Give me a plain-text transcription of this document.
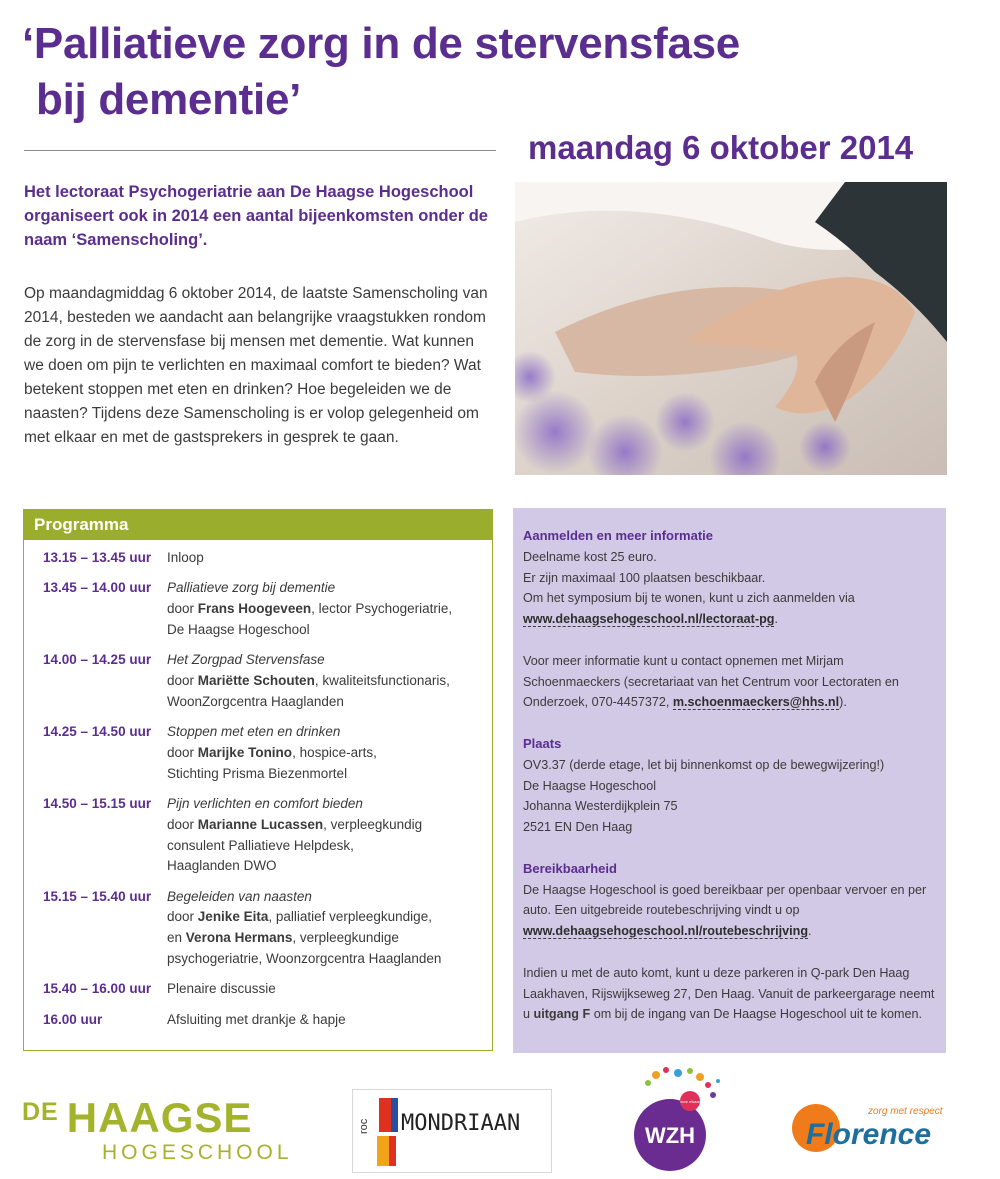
‘Palliatieve zorg in de stervensfase
bij dementie’
maandag 6 oktober 2014

Het lectoraat Psychogeriatrie aan De Haagse Hogeschool organiseert ook in 2014 een aantal bijeenkomsten onder de naam ‘Samenscholing’.

Op maandagmiddag 6 oktober 2014, de laatste Samenscholing van 2014, besteden we aandacht aan belangrijke vraagstukken rondom de zorg in de stervensfase bij mensen met dementie. Wat kunnen we doen om pijn te verlichten en maximaal comfort te bieden? Wat betekent stoppen met eten en drinken? Hoe begeleiden we de naasten? Tijdens deze Samenscholing is er volop gelegenheid om met elkaar en met de gastsprekers in gesprek te gaan.

Programma
13.15 – 13.45 uur	Inloop
13.45 – 14.00 uur	Palliatieve zorg bij dementie
door Frans Hoogeveen, lector Psychogeriatrie,
De Haagse Hogeschool
14.00 – 14.25 uur	Het Zorgpad Stervensfase
door Mariëtte Schouten, kwaliteitsfunctionaris,
WoonZorgcentra Haaglanden
14.25 – 14.50 uur	Stoppen met eten en drinken
door Marijke Tonino, hospice-arts,
Stichting Prisma Biezenmortel
14.50 – 15.15 uur	Pijn verlichten en comfort bieden
door Marianne Lucassen, verpleegkundig
consulent Palliatieve Helpdesk,
Haaglanden DWO
15.15 – 15.40 uur	Begeleiden van naasten
door Jenike Eita, palliatief verpleegkundige,
en Verona Hermans, verpleegkundige
psychogeriatrie, Woonzorgcentra Haaglanden
15.40 – 16.00 uur	Plenaire discussie
16.00 uur	Afsluiting met drankje & hapje
Aanmelden en meer informatie

Deelname kost 25 euro.

Er zijn maximaal 100 plaatsen beschikbaar.

Om het symposium bij te wonen, kunt u zich aanmelden via

www.dehaagsehogeschool.nl/lectoraat-pg.

Voor meer informatie kunt u contact opnemen met Mirjam Schoenmaeckers (secretariaat van het Centrum voor Lectoraten en Onderzoek, 070-4457372, m.schoenmaeckers@hhs.nl).

Plaats

OV3.37 (derde etage, let bij binnenkomst op de bewegwijzering!)

De Haagse Hogeschool

Johanna Westerdijkplein 75

2521 EN Den Haag

Bereikbaarheid

De Haagse Hogeschool is goed bereikbaar per openbaar vervoer en per auto. Een uitgebreide routebeschrijving vindt u op

www.dehaagsehogeschool.nl/routebeschrijving.

Indien u met de auto komt, kunt u deze parkeren in Q-park Den Haag Laakhaven, Rijswijkseweg 27, Den Haag. Vanuit de parkeergarage neemt u uitgang F om bij de ingang van De Haagse Hogeschool uit te komen.

$^{DE}$ HAAGSE
HOGESCHOOL
roc MONDRIAAN
voor elkaar
WZH
zorg met respect
Florence
